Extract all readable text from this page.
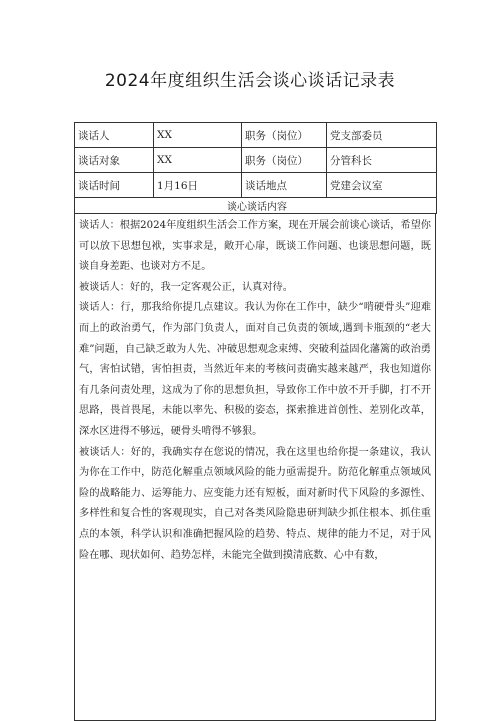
2024年度组织生活会谈心谈话记录表
谈话人	XX	职务（岗位）	党支部委员
谈话对象	XX	职务（岗位）	分管科长
谈话时间	1月16日	谈话地点	党建会议室
谈心谈话内容			

谈话人：根据2024年度组织生活会工作方案，现在开展会前谈心谈话，希望你可以放下思想包袱，实事求是，敞开心扉，既谈工作问题、也谈思想问题，既谈自身差距、也谈对方不足。

被谈话人：好的，我一定客观公正，认真对待。

谈话人：行，那我给你提几点建议。我认为你在工作中，缺少“啃硬骨头”迎难而上的政治勇气，作为部门负责人，面对自己负责的领域,遇到卡瓶颈的“老大难”问题，自己缺乏敢为人先、冲破思想观念束缚、突破利益固化藩篱的政治勇气，害怕试错，害怕担责，当然近年来的考核问责确实越来越严，我也知道你有几条问责处理，这成为了你的思想负担，导致你工作中放不开手脚，打不开思路，畏首畏尾，未能以率先、积极的姿态，探索推进首创性、差别化改革，深水区进得不够远，硬骨头啃得不够狠。

被谈话人：好的，我确实存在您说的情况，我在这里也给你提一条建议，我认为你在工作中，防范化解重点领域风险的能力亟需提升。防范化解重点领域风险的战略能力、运筹能力、应变能力还有短板，面对新时代下风险的多源性、多样性和复合性的客观现实，自己对各类风险隐患研判缺少抓住根本、抓住重点的本领，科学认识和准确把握风险的趋势、特点、规律的能力不足，对于风险在哪、现状如何、趋势怎样，未能完全做到摸清底数、心中有数，
